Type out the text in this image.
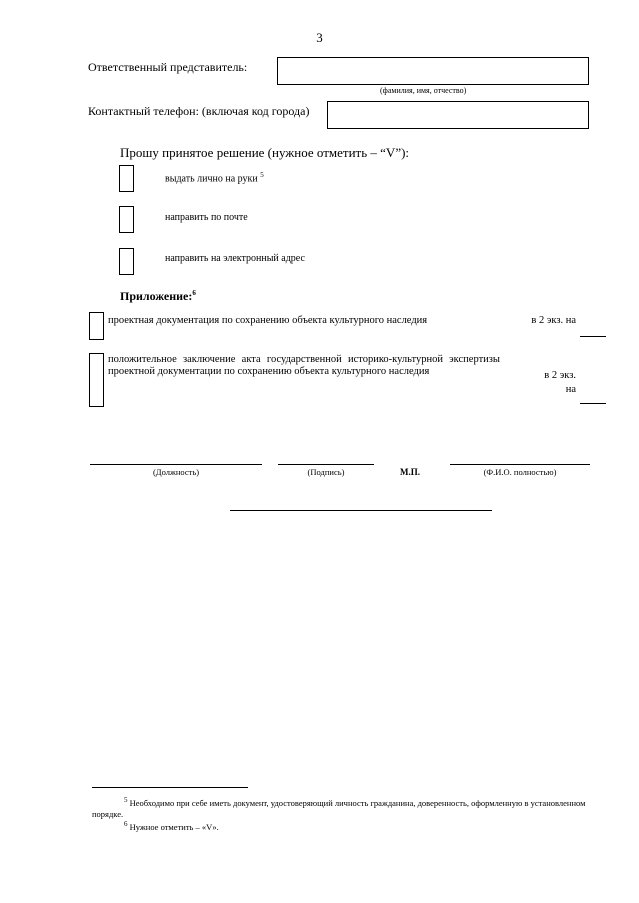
3
Ответственный представитель:
(фамилия, имя, отчество)
Контактный телефон: (включая код города)
Прошу принятое решение (нужное отметить – “V”):
выдать лично на руки $^5$
направить по почте
направить на электронный адрес
Приложение:$^6$
проектная документация по сохранению объекта культурного наследия	в 2 экз. на
положительное заключение акта государственной историко-культурной экспертизы проектной документации по сохранению объекта культурного наследия	в 2 экз.
на
(Должность)	(Подпись)	М.П.	(Ф.И.О. полностью)
$^5$ Необходимо при себе иметь документ, удостоверяющий личность гражданина, доверенность, оформленную в установленном порядке.
$^6$ Нужное отметить – «V».
